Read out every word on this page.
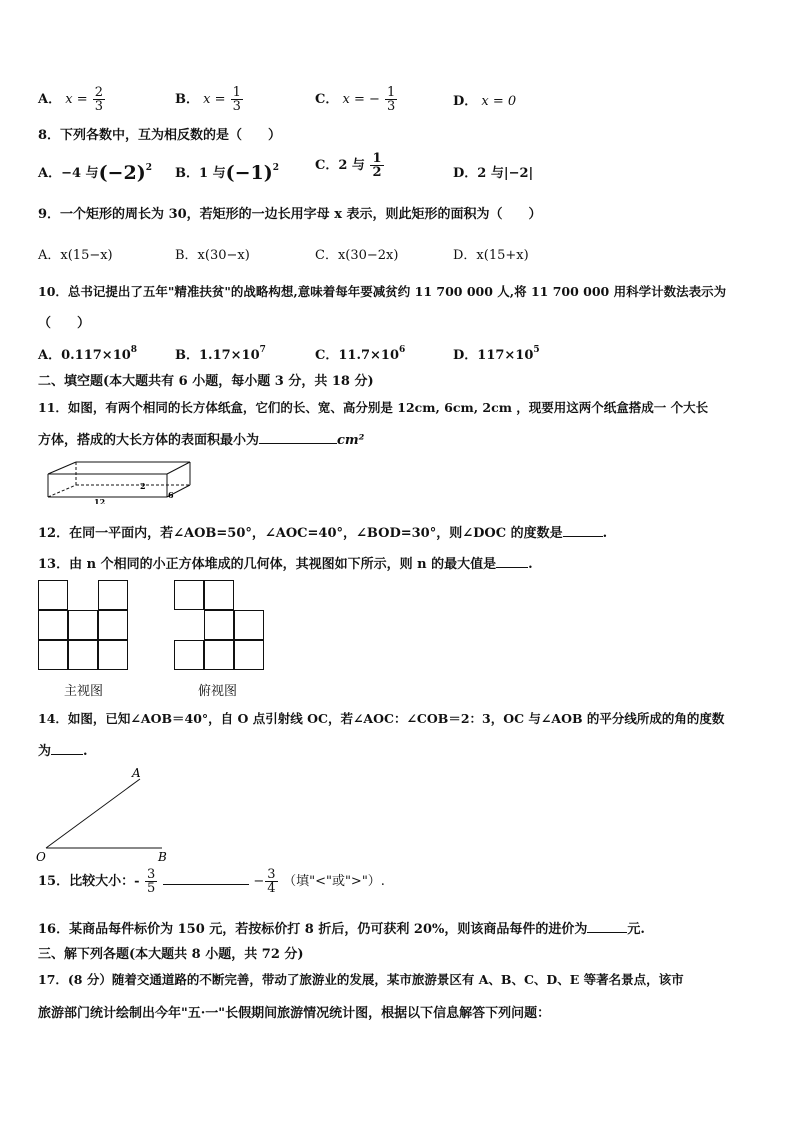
A． $x = \frac{2}{3}$	B． $x = \frac{1}{3}$	C． x = − $\frac{1}{3}$	D． x = 0
8．下列各数中，互为相反数的是（　　）
A．−4 与$(-2)^2$ B．1 与$(-1)^2$	C．2 与 $\frac{1}{2}$	D．2 与|−2|
9．一个矩形的周长为 30，若矩形的一边长用字母 x 表示，则此矩形的面积为（　　）
A．x(15−x)	B．x(30−x)	C．x(30−2x)	D．x(15+x)
10．总书记提出了五年"精准扶贫"的战略构想,意味着每年要减贫约 11 700 000 人,将 11 700 000 用科学计数法表示为
（　　）
A．$0.117\times 10^8$	B．$1.17\times 10^7$	C．$11.7\times 10^6$	D．$117\times 10^5$
二、填空题(本大题共有 6 小题，每小题 3 分，共 18 分)
11．如图，有两个相同的长方体纸盒，它们的长、宽、高分别是 12cm, 6cm, 2cm ，现要用这两个纸盒搭成一 个大长
方体，搭成的大长方体的表面积最小为	cm²
12
2
6
12．在同一平面内，若∠AOB=50°，∠AOC=40°，∠BOD=30°，则∠DOC 的度数是	.
13．由 n 个相同的小正方体堆成的几何体，其视图如下所示，则 n 的最大值是 .
主视图	俯视图
14．如图，已知∠AOB＝40°，自 O 点引射线 OC，若∠AOC：∠COB＝2：3，OC 与∠AOB 的平分线所成的角的度数
为 .
A
O	B
15．比较大小：- $\frac{3}{5}$	− $\frac{3}{4}$ （填"<"或">"）.
16．某商品每件标价为 150 元，若按标价打 8 折后，仍可获利 20%，则该商品每件的进价为	元.
三、解下列各题(本大题共 8 小题，共 72 分)
17．(8 分）随着交通道路的不断完善，带动了旅游业的发展，某市旅游景区有 A、B、C、D、E 等著名景点，该市
旅游部门统计绘制出今年"五·一"长假期间旅游情况统计图，根据以下信息解答下列问题：
